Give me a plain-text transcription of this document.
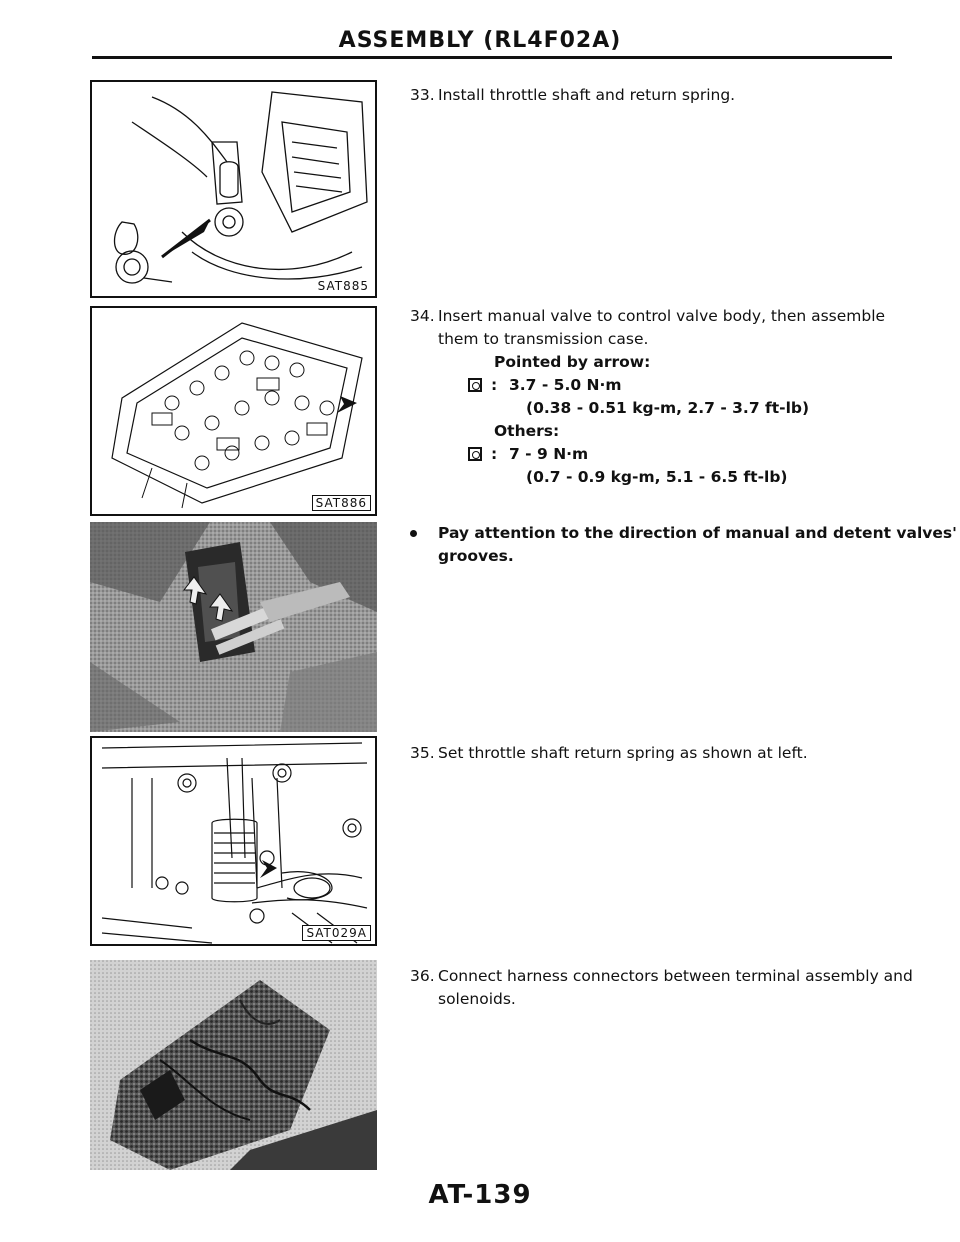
ASSEMBLY (RL4F02A)
SAT885
SAT886
SAT029A
33. Install throttle shaft and return spring.
34. Insert manual valve to control valve body, then assemble
them to transmission case.
Pointed by arrow:
: 3.7 - 5.0 N·m
(0.38 - 0.51 kg-m, 2.7 - 3.7 ft-lb)
Others:
: 7 - 9 N·m
(0.7 - 0.9 kg-m, 5.1 - 6.5 ft-lb)
Pay attention to the direction of manual and detent valves'
grooves.
35. Set throttle shaft return spring as shown at left.
36. Connect harness connectors between terminal assembly and
solenoids.
AT-139
